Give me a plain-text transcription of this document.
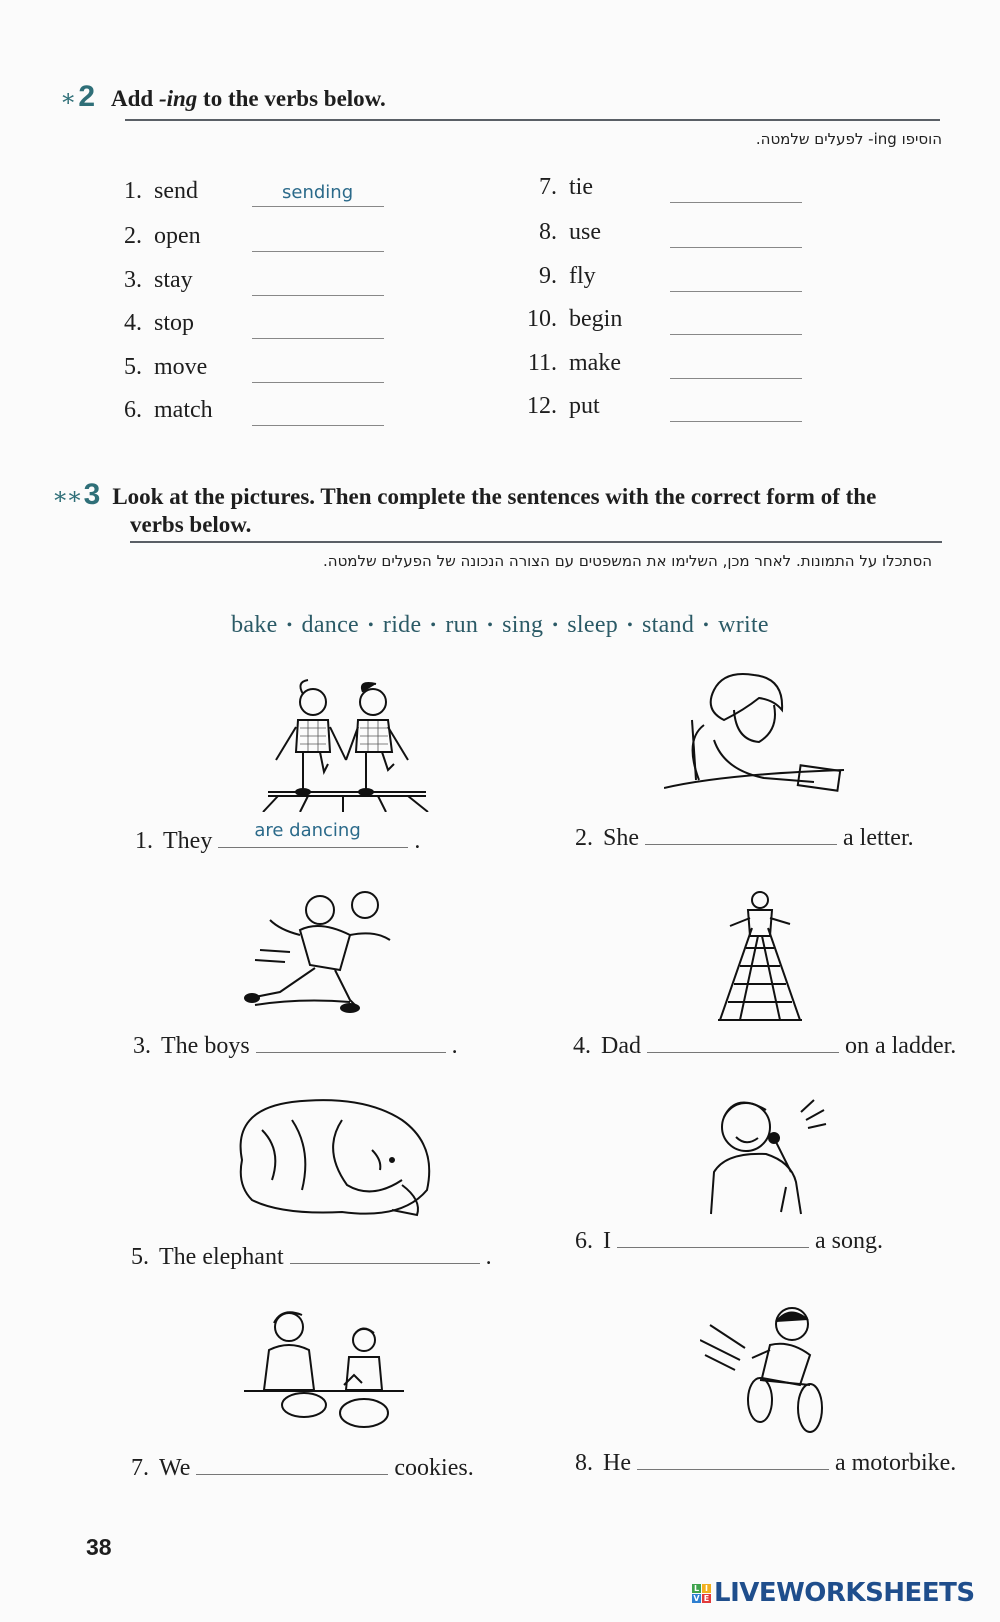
∗ 2 Add -ing to the verbs below.
הוסיפו ing- לפעלים שלמטה.
1. send	sending
2. open
3. stay
4. stop
5. move
6. match
7. tie
8. use
9. fly
10. begin
11. make
12. put
∗∗ 3 Look at the pictures. Then complete the sentences with the correct form of the
verbs below.
הסתכלו על התמונות. לאחר מכן, השלימו את המשפטים עם הצורה הנכונה של הפעלים שלמטה.
bake • dance • ride • run • sing • sleep • stand • write
1. They are dancing .	2. She	a letter.
3. The boys	.	4. Dad	on a ladder.
5. The elephant	.
6. I	a song.
7. We	cookies.	8. He	a motorbike.
38
L I
V E LIVEWORKSHEETS
